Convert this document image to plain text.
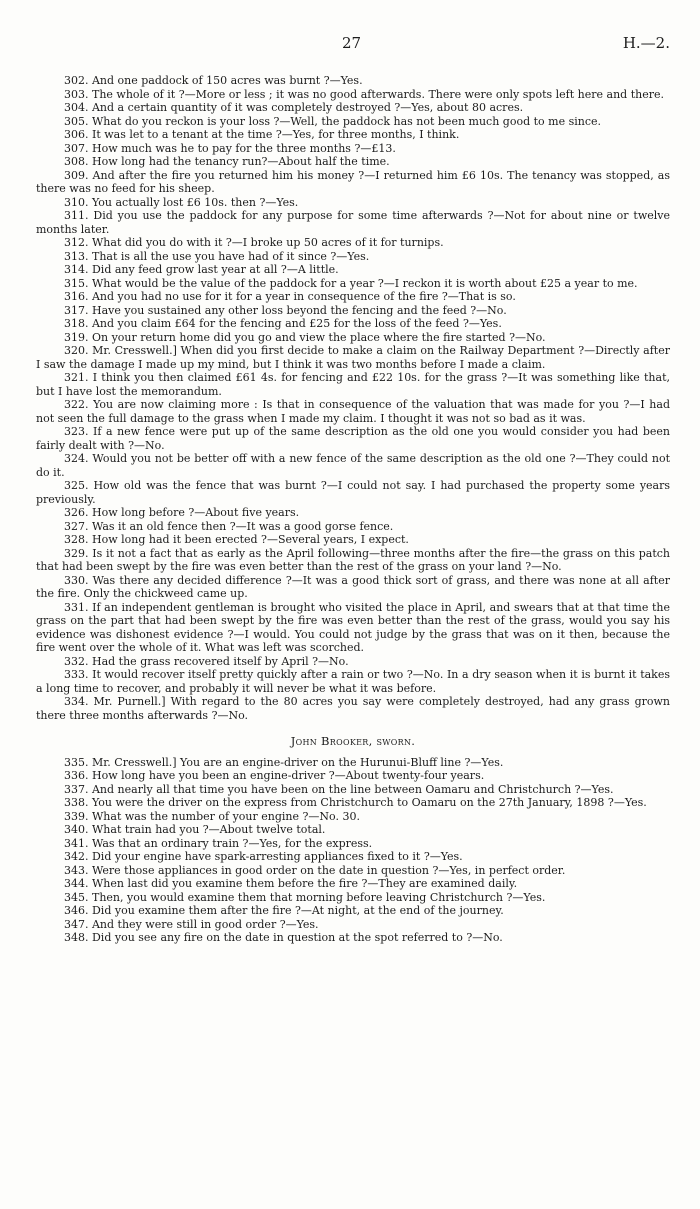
27	H.—2.

302. And one paddock of 150 acres was burnt ?—Yes.

303. The whole of it ?—More or less ; it was no good afterwards. There were only spots left here and there.

304. And a certain quantity of it was completely destroyed ?—Yes, about 80 acres.

305. What do you reckon is your loss ?—Well, the paddock has not been much good to me since.

306. It was let to a tenant at the time ?—Yes, for three months, I think.

307. How much was he to pay for the three months ?—£13.

308. How long had the tenancy run?—About half the time.

309. And after the fire you returned him his money ?—I returned him £6 10s. The tenancy was stopped, as there was no feed for his sheep.

310. You actually lost £6 10s. then ?—Yes.

311. Did you use the paddock for any purpose for some time afterwards ?—Not for about nine or twelve months later.

312. What did you do with it ?—I broke up 50 acres of it for turnips.

313. That is all the use you have had of it since ?—Yes.

314. Did any feed grow last year at all ?—A little.

315. What would be the value of the paddock for a year ?—I reckon it is worth about £25 a year to me.

316. And you had no use for it for a year in consequence of the fire ?—That is so.

317. Have you sustained any other loss beyond the fencing and the feed ?—No.

318. And you claim £64 for the fencing and £25 for the loss of the feed ?—Yes.

319. On your return home did you go and view the place where the fire started ?—No.

320. Mr. Cresswell.] When did you first decide to make a claim on the Railway Department ?—Directly after I saw the damage I made up my mind, but I think it was two months before I made a claim.

321. I think you then claimed £61 4s. for fencing and £22 10s. for the grass ?—It was something like that, but I have lost the memorandum.

322. You are now claiming more : Is that in consequence of the valuation that was made for you ?—I had not seen the full damage to the grass when I made my claim. I thought it was not so bad as it was.

323. If a new fence were put up of the same description as the old one you would consider you had been fairly dealt with ?—No.

324. Would you not be better off with a new fence of the same description as the old one ?—They could not do it.

325. How old was the fence that was burnt ?—I could not say. I had purchased the property some years previously.

326. How long before ?—About five years.

327. Was it an old fence then ?—It was a good gorse fence.

328. How long had it been erected ?—Several years, I expect.

329. Is it not a fact that as early as the April following—three months after the fire—the grass on this patch that had been swept by the fire was even better than the rest of the grass on your land ?—No.

330. Was there any decided difference ?—It was a good thick sort of grass, and there was none at all after the fire. Only the chickweed came up.

331. If an independent gentleman is brought who visited the place in April, and swears that at that time the grass on the part that had been swept by the fire was even better than the rest of the grass, would you say his evidence was dishonest evidence ?—I would. You could not judge by the grass that was on it then, because the fire went over the whole of it. What was left was scorched.

332. Had the grass recovered itself by April ?—No.

333. It would recover itself pretty quickly after a rain or two ?—No. In a dry season when it is burnt it takes a long time to recover, and probably it will never be what it was before.

334. Mr. Purnell.] With regard to the 80 acres you say were completely destroyed, had any grass grown there three months afterwards ?—No.

John Brooker, sworn.

335. Mr. Cresswell.] You are an engine-driver on the Hurunui-Bluff line ?—Yes.

336. How long have you been an engine-driver ?—About twenty-four years.

337. And nearly all that time you have been on the line between Oamaru and Christchurch ?—Yes.

338. You were the driver on the express from Christchurch to Oamaru on the 27th January, 1898 ?—Yes.

339. What was the number of your engine ?—No. 30.

340. What train had you ?—About twelve total.

341. Was that an ordinary train ?—Yes, for the express.

342. Did your engine have spark-arresting appliances fixed to it ?—Yes.

343. Were those appliances in good order on the date in question ?—Yes, in perfect order.

344. When last did you examine them before the fire ?—They are examined daily.

345. Then, you would examine them that morning before leaving Christchurch ?—Yes.

346. Did you examine them after the fire ?—At night, at the end of the journey.

347. And they were still in good order ?—Yes.

348. Did you see any fire on the date in question at the spot referred to ?—No.
